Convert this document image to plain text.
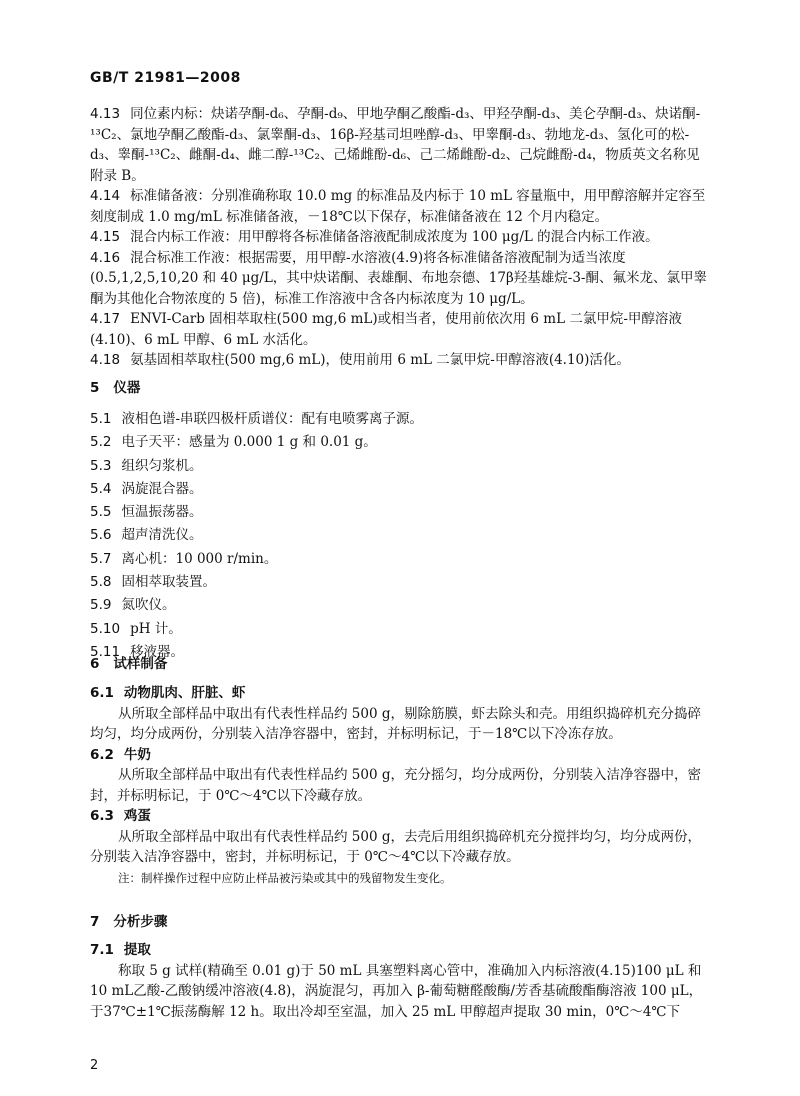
GB/T 21981—2008
4.13 同位素内标：炔诺孕酮-d₆、孕酮-d₉、甲地孕酮乙酸酯-d₃、甲羟孕酮-d₃、美仑孕酮-d₃、炔诺酮-¹³C₂、氯地孕酮乙酸酯-d₃、氯睾酮-d₃、16β-羟基司坦唑醇-d₃、甲睾酮-d₃、勃地龙-d₃、氢化可的松-d₃、睾酮-¹³C₂、雌酮-d₄、雌二醇-¹³C₂、己烯雌酚-d₆、己二烯雌酚-d₂、己烷雌酚-d₄，物质英文名称见附录 B。
4.14 标准储备液：分别准确称取 10.0 mg 的标准品及内标于 10 mL 容量瓶中，用甲醇溶解并定容至刻度制成 1.0 mg/mL 标准储备液，－18℃以下保存，标准储备液在 12 个月内稳定。
4.15 混合内标工作液：用甲醇将各标准储备溶液配制成浓度为 100 μg/L 的混合内标工作液。
4.16 混合标准工作液：根据需要，用甲醇-水溶液(4.9)将各标准储备溶液配制为适当浓度(0.5,1,2,5,10,20 和 40 μg/L，其中炔诺酮、表雄酮、布地奈德、17β羟基雄烷-3-酮、氟米龙、氯甲睾酮为其他化合物浓度的 5 倍)，标准工作溶液中含各内标浓度为 10 μg/L。
4.17 ENVI-Carb 固相萃取柱(500 mg,6 mL)或相当者，使用前依次用 6 mL 二氯甲烷-甲醇溶液(4.10)、6 mL 甲醇、6 mL 水活化。
4.18 氨基固相萃取柱(500 mg,6 mL)，使用前用 6 mL 二氯甲烷-甲醇溶液(4.10)活化。
5 仪器
5.1 液相色谱-串联四极杆质谱仪：配有电喷雾离子源。
5.2 电子天平：感量为 0.000 1 g 和 0.01 g。
5.3 组织匀浆机。
5.4 涡旋混合器。
5.5 恒温振荡器。
5.6 超声清洗仪。
5.7 离心机：10 000 r/min。
5.8 固相萃取装置。
5.9 氮吹仪。
5.10 pH 计。
5.11 移液器。
6 试样制备
6.1 动物肌肉、肝脏、虾
从所取全部样品中取出有代表性样品约 500 g，剔除筋膜，虾去除头和壳。用组织捣碎机充分捣碎均匀，均分成两份，分别装入洁净容器中，密封，并标明标记，于－18℃以下冷冻存放。
6.2 牛奶
从所取全部样品中取出有代表性样品约 500 g，充分摇匀，均分成两份，分别装入洁净容器中，密封，并标明标记，于 0℃～4℃以下冷藏存放。
6.3 鸡蛋
从所取全部样品中取出有代表性样品约 500 g，去壳后用组织捣碎机充分搅拌均匀，均分成两份，分别装入洁净容器中，密封，并标明标记，于 0℃～4℃以下冷藏存放。
注：制样操作过程中应防止样品被污染或其中的残留物发生变化。
7 分析步骤
7.1 提取
称取 5 g 试样(精确至 0.01 g)于 50 mL 具塞塑料离心管中，准确加入内标溶液(4.15)100 μL 和 10 mL乙酸-乙酸钠缓冲溶液(4.8)，涡旋混匀，再加入 β-葡萄糖醛酸酶/芳香基硫酸酯酶溶液 100 μL，于37℃±1℃振荡酶解 12 h。取出冷却至室温，加入 25 mL 甲醇超声提取 30 min，0℃～4℃下
2
